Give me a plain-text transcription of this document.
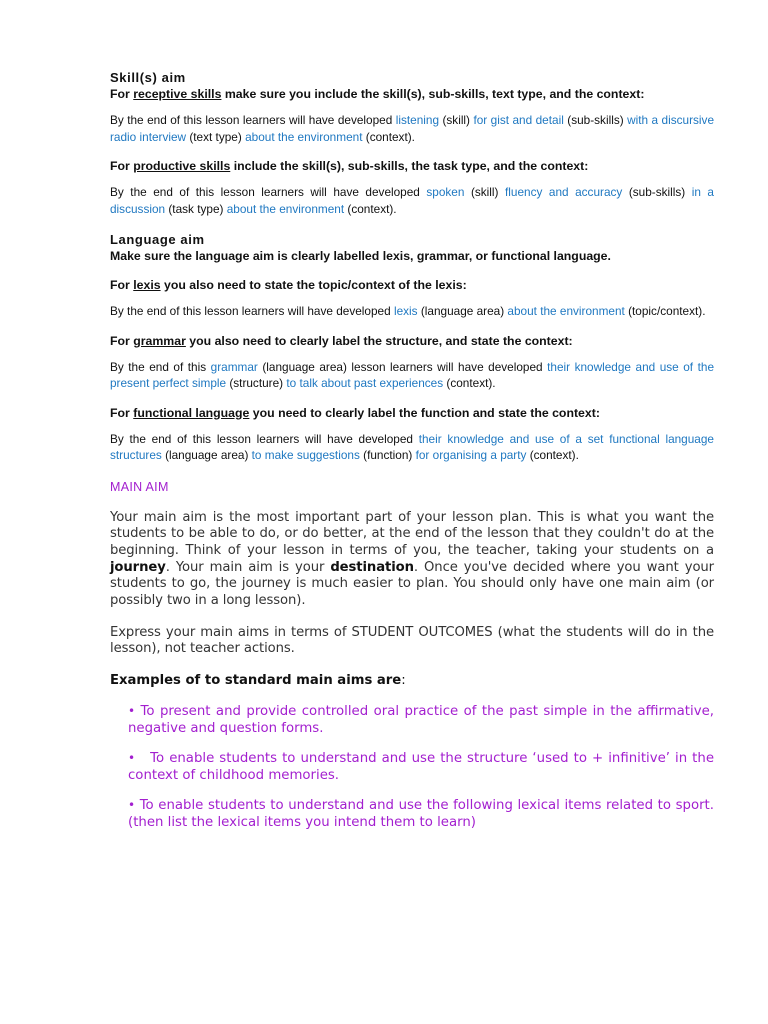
Skill(s) aim

For receptive skills make sure you include the skill(s), sub-skills, text type, and the context:

By the end of this lesson learners will have developed listening (skill) for gist and detail (sub-skills) with a discursive radio interview (text type) about the environment (context).

For productive skills include the skill(s), sub-skills, the task type, and the context:

By the end of this lesson learners will have developed spoken (skill) fluency and accuracy (sub-skills) in a discussion (task type) about the environment (context).

Language aim

Make sure the language aim is clearly labelled lexis, grammar, or functional language.

For lexis you also need to state the topic/context of the lexis:

By the end of this lesson learners will have developed lexis (language area) about the environment (topic/context).

For grammar you also need to clearly label the structure, and state the context:

By the end of this grammar (language area) lesson learners will have developed their knowledge and use of the present perfect simple (structure) to talk about past experiences (context).

For functional language you need to clearly label the function and state the context:

By the end of this lesson learners will have developed their knowledge and use of a set functional language structures (language area) to make suggestions (function) for organising a party (context).

MAIN AIM

Your main aim is the most important part of your lesson plan. This is what you want the students to be able to do, or do better, at the end of the lesson that they couldn't do at the beginning. Think of your lesson in terms of you, the teacher, taking your students on a journey. Your main aim is your destination. Once you've decided where you want your students to go, the journey is much easier to plan. You should only have one main aim (or possibly two in a long lesson).

Express your main aims in terms of STUDENT OUTCOMES (what the students will do in the lesson), not teacher actions.

Examples of to standard main aims are:

• To present and provide controlled oral practice of the past simple in the affirmative, negative and question forms.

• To enable students to understand and use the structure ‘used to + infinitive’ in the context of childhood memories.

• To enable students to understand and use the following lexical items related to sport. (then list the lexical items you intend them to learn)
